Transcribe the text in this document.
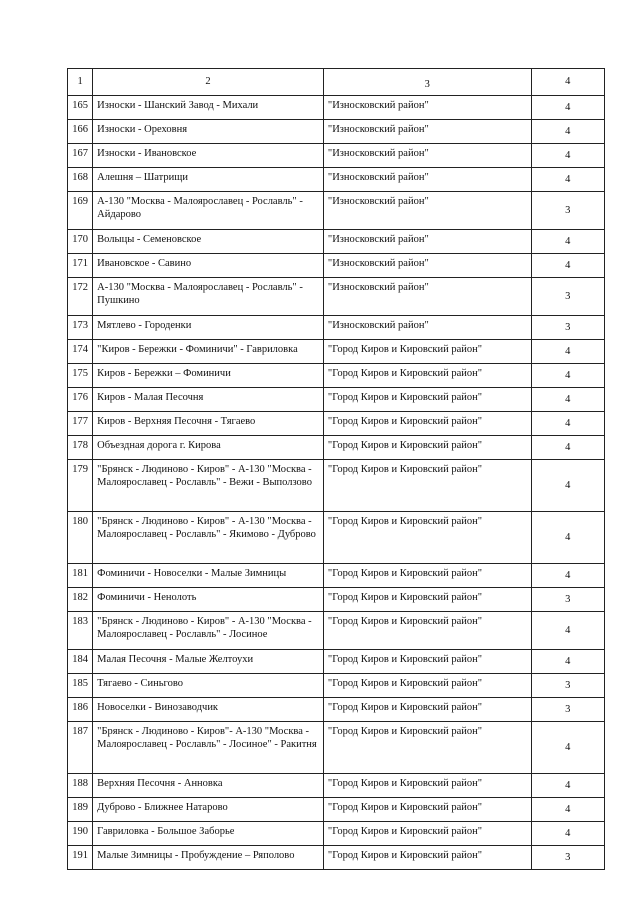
1	2	3	4
165	Износки - Шанский Завод - Михали	"Износковский район"	4
166	Износки - Ореховня	"Износковский район"	4
167	Износки - Ивановское	"Износковский район"	4
168	Алешня – Шатрищи	"Износковский район"	4
169	А-130 "Москва - Малоярославец - Рославль" - Айдарово	"Износковский район"	3
170	Волыцы - Семеновское	"Износковский район"	4
171	Ивановское - Савино	"Износковский район"	4
172	А-130 "Москва - Малоярославец - Рославль" - Пушкино	"Износковский район"	3
173	Мятлево - Городенки	"Износковский район"	3
174	"Киров - Бережки - Фоминичи" - Гавриловка	"Город Киров и Кировский район"	4
175	Киров - Бережки – Фоминичи	"Город Киров и Кировский район"	4
176	Киров - Малая Песочня	"Город Киров и Кировский район"	4
177	Киров - Верхняя Песочня - Тягаево	"Город Киров и Кировский район"	4
178	Объездная дорога г. Кирова	"Город Киров и Кировский район"	4
179	"Брянск - Людиново - Киров" - А-130 "Москва - Малоярославец - Рославль" - Вежи - Выползово	"Город Киров и Кировский район"	4
180	"Брянск - Людиново - Киров" - А-130 "Москва - Малоярославец - Рославль" - Якимово - Дуброво	"Город Киров и Кировский район"	4
181	Фоминичи - Новоселки - Малые Зимницы	"Город Киров и Кировский район"	4
182	Фоминичи - Ненолоть	"Город Киров и Кировский район"	3
183	"Брянск - Людиново - Киров" - А-130 "Москва - Малоярославец - Рославль" - Лосиное	"Город Киров и Кировский район"	4
184	Малая Песочня - Малые Желтоухи	"Город Киров и Кировский район"	4
185	Тягаево - Синьгово	"Город Киров и Кировский район"	3
186	Новоселки - Винозаводчик	"Город Киров и Кировский район"	3
187	"Брянск - Людиново - Киров"- А-130 "Москва - Малоярославец - Рославль" - Лосиное" - Ракитня	"Город Киров и Кировский район"	4
188	Верхняя Песочня - Анновка	"Город Киров и Кировский район"	4
189	Дуброво - Ближнее Натарово	"Город Киров и Кировский район"	4
190	Гавриловка - Большое Заборье	"Город Киров и Кировский район"	4
191	Малые Зимницы - Пробуждение – Ряполово	"Город Киров и Кировский район"	3
